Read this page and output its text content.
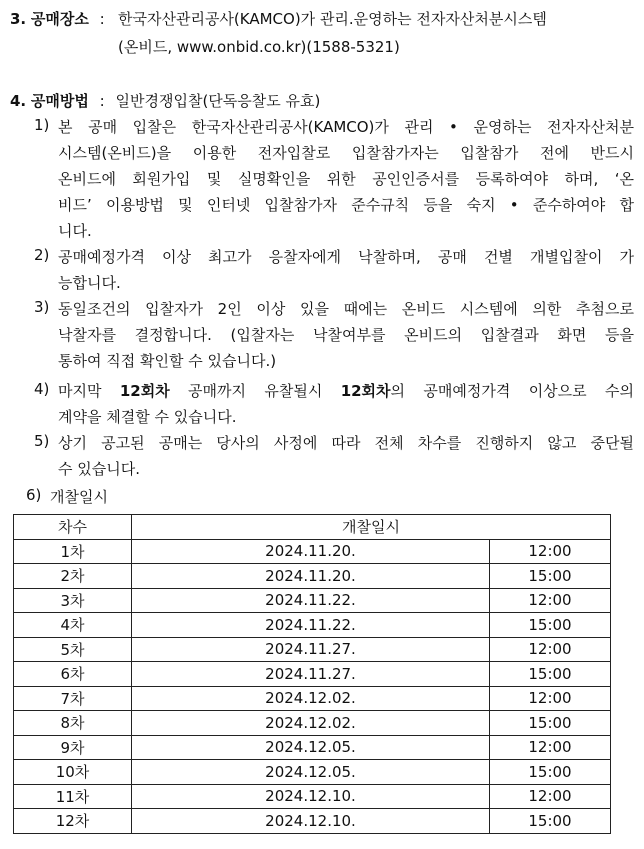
3. 공매장소 : 한국자산관리공사(KAMCO)가 관리.운영하는 전자자산처분시스템
(온비드, www.onbid.co.kr)(1588-5321)
4. 공매방법 : 일반경쟁입찰(단독응찰도 유효)
1) 본 공매 입찰은 한국자산관리공사(KAMCO)가 관리 • 운영하는 전자자산처분
시스템(온비드)을 이용한 전자입찰로 입찰참가자는 입찰참가 전에 반드시
온비드에 회원가입 및 실명확인을 위한 공인인증서를 등록하여야 하며, ‘온
비드’ 이용방법 및 인터넷 입찰참가자 준수규칙 등을 숙지 • 준수하여야 합
니다.
2) 공매예정가격 이상 최고가 응찰자에게 낙찰하며, 공매 건별 개별입찰이 가
능합니다.
3) 동일조건의 입찰자가 2인 이상 있을 때에는 온비드 시스템에 의한 추첨으로
낙찰자를 결정합니다. (입찰자는 낙찰여부를 온비드의 입찰결과 화면 등을
통하여 직접 확인할 수 있습니다.)
4) 마지막 12회차 공매까지 유찰될시 12회차의 공매예정가격 이상으로 수의
계약을 체결할 수 있습니다.
5) 상기 공고된 공매는 당사의 사정에 따라 전체 차수를 진행하지 않고 중단될
수 있습니다.
6) 개찰일시
차수	개찰일시	
1차	2024.11.20.	12:00
2차	2024.11.20.	15:00
3차	2024.11.22.	12:00
4차	2024.11.22.	15:00
5차	2024.11.27.	12:00
6차	2024.11.27.	15:00
7차	2024.12.02.	12:00
8차	2024.12.02.	15:00
9차	2024.12.05.	12:00
10차	2024.12.05.	15:00
11차	2024.12.10.	12:00
12차	2024.12.10.	15:00
